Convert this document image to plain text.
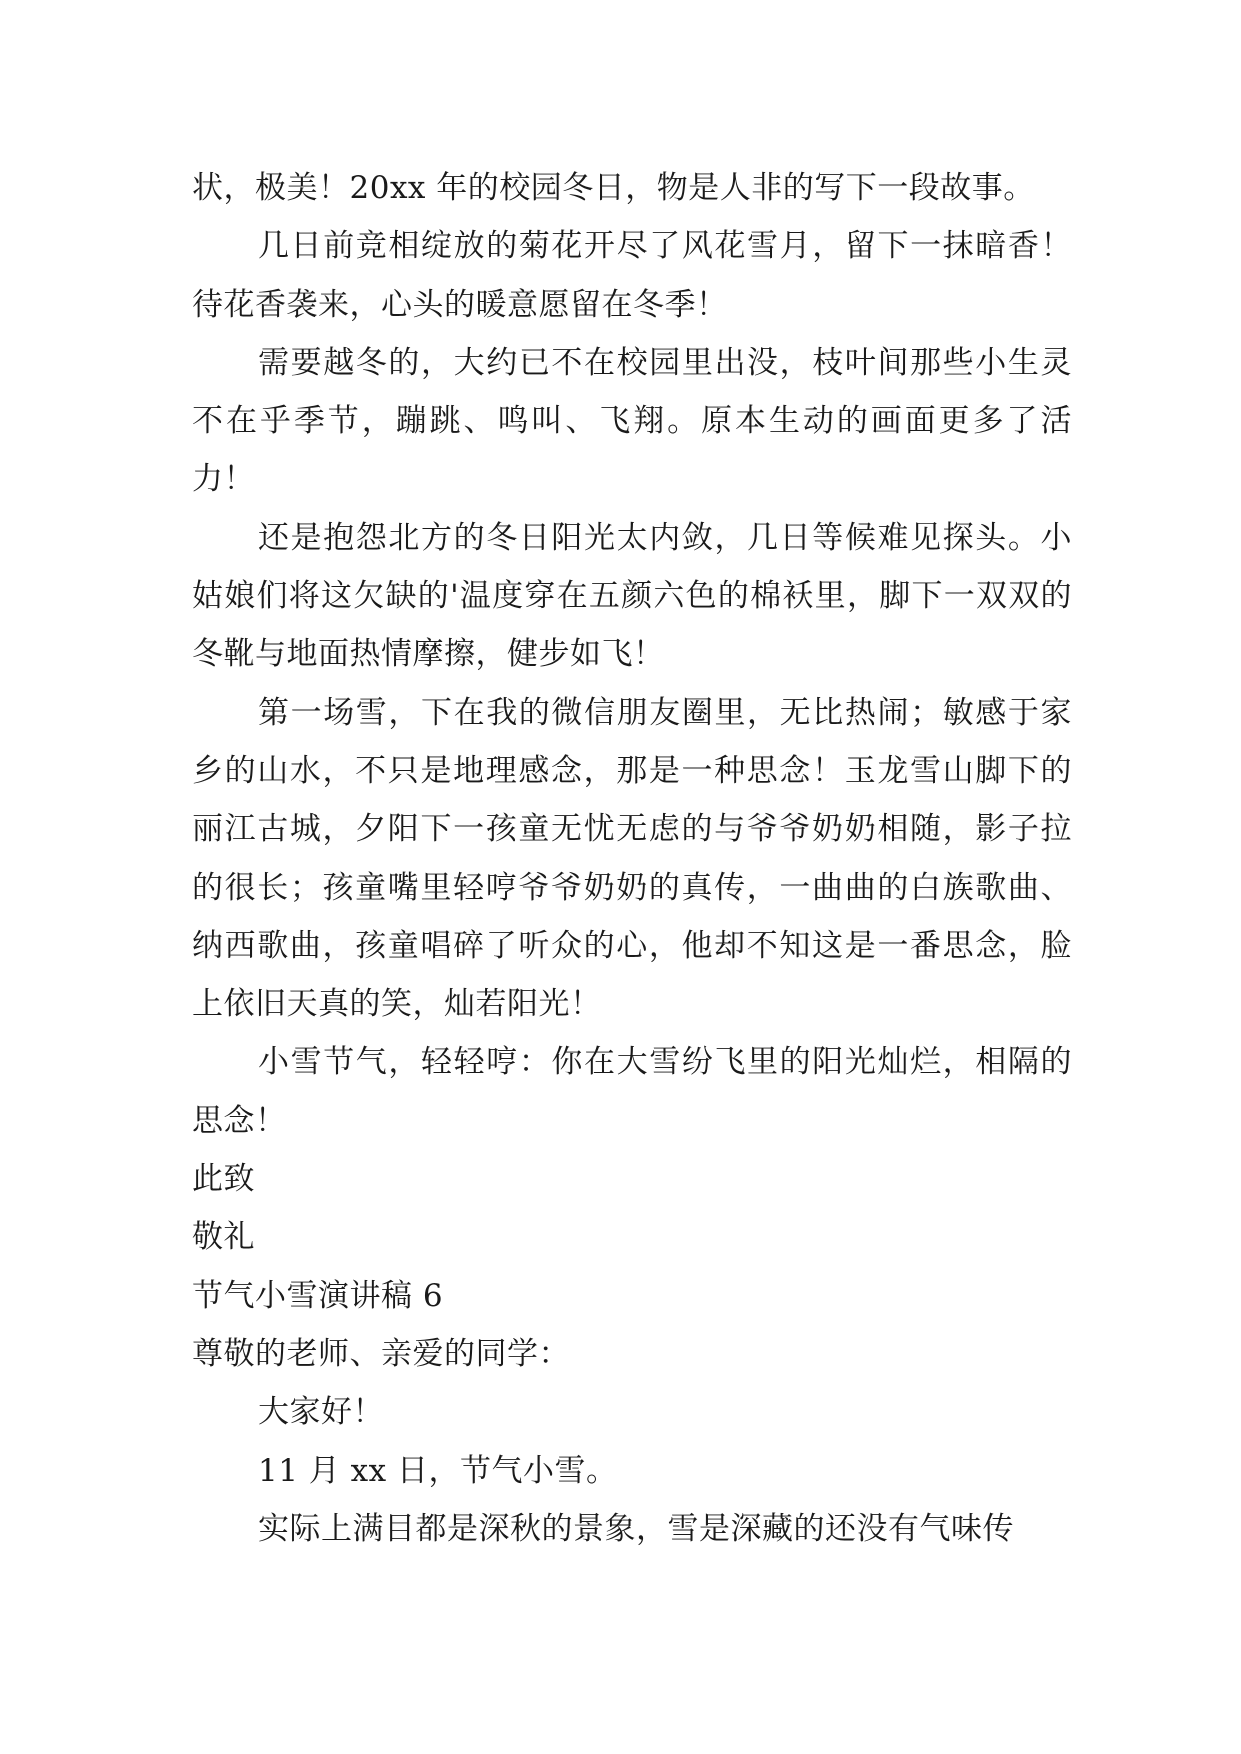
状，极美！20xx 年的校园冬日，物是人非的写下一段故事。

几日前竞相绽放的菊花开尽了风花雪月，留下一抹暗香！待花香袭来，心头的暖意愿留在冬季！

需要越冬的，大约已不在校园里出没，枝叶间那些小生灵不在乎季节，蹦跳、鸣叫、飞翔。原本生动的画面更多了活力！

还是抱怨北方的冬日阳光太内敛，几日等候难见探头。小姑娘们将这欠缺的'温度穿在五颜六色的棉袄里，脚下一双双的冬靴与地面热情摩擦，健步如飞！

第一场雪，下在我的微信朋友圈里，无比热闹；敏感于家乡的山水，不只是地理感念，那是一种思念！玉龙雪山脚下的丽江古城，夕阳下一孩童无忧无虑的与爷爷奶奶相随，影子拉的很长；孩童嘴里轻哼爷爷奶奶的真传，一曲曲的白族歌曲、纳西歌曲，孩童唱碎了听众的心，他却不知这是一番思念，脸上依旧天真的笑，灿若阳光！

小雪节气，轻轻哼：你在大雪纷飞里的阳光灿烂，相隔的思念！

此致

敬礼

节气小雪演讲稿 6

尊敬的老师、亲爱的同学：

大家好！

11 月 xx 日，节气小雪。

实际上满目都是深秋的景象，雪是深藏的还没有气味传
